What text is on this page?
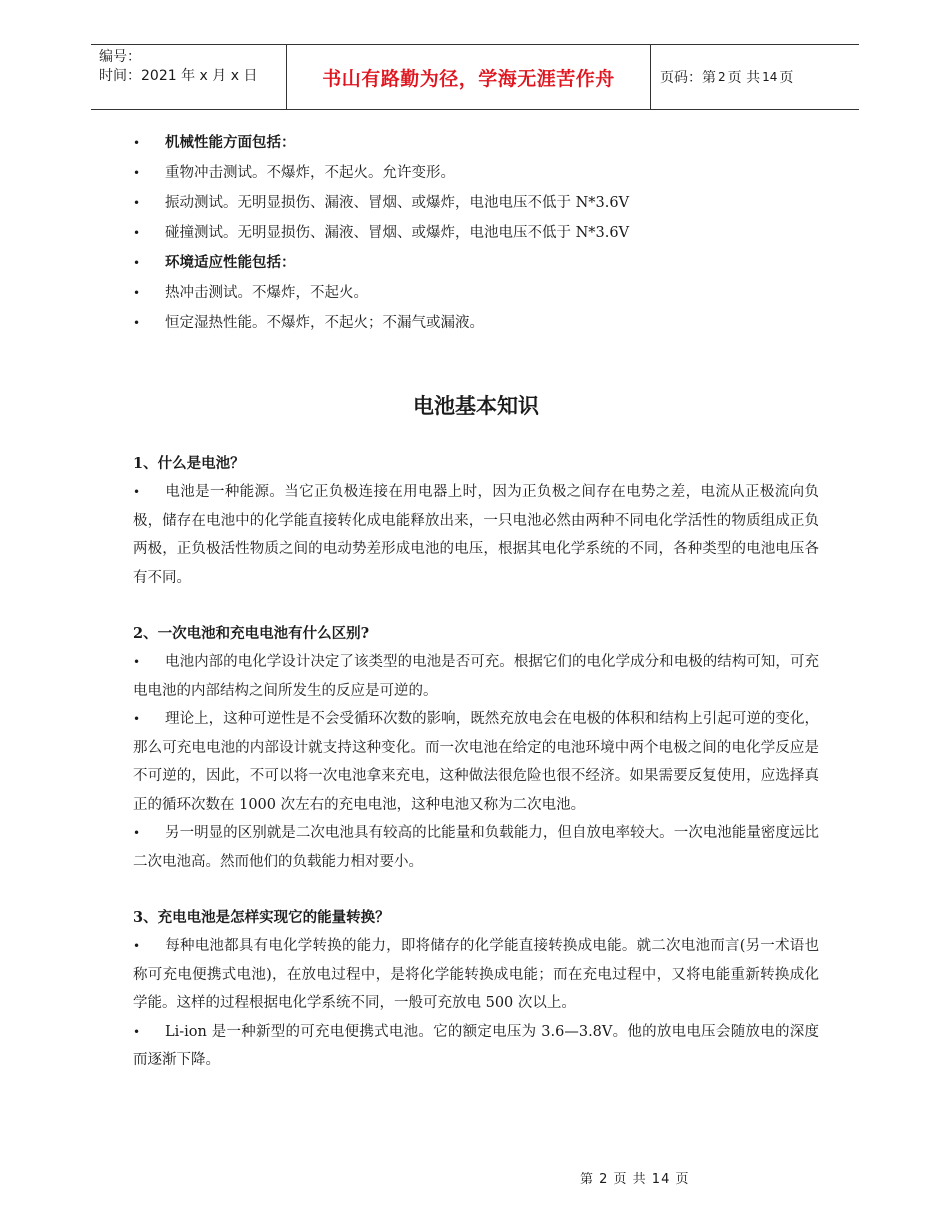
编号：
时间：2021 年 x 月 x 日	书山有路勤为径，学海无涯苦作舟	页码：第 2 页 共 14 页
• 机械性能方面包括：
• 重物冲击测试。不爆炸，不起火。允许变形。
• 振动测试。无明显损伤、漏液、冒烟、或爆炸，电池电压不低于 N*3.6V
• 碰撞测试。无明显损伤、漏液、冒烟、或爆炸，电池电压不低于 N*3.6V
• 环境适应性能包括：
• 热冲击测试。不爆炸，不起火。
• 恒定湿热性能。不爆炸，不起火；不漏气或漏液。
电池基本知识
1、什么是电池？

• 电池是一种能源。当它正负极连接在用电器上时，因为正负极之间存在电势之差，电流从正极流向负极，储存在电池中的化学能直接转化成电能释放出来，一只电池必然由两种不同电化学活性的物质组成正负两极，正负极活性物质之间的电动势差形成电池的电压，根据其电化学系统的不同，各种类型的电池电压各有不同。

2、一次电池和充电电池有什么区别?

• 电池内部的电化学设计决定了该类型的电池是否可充。根据它们的电化学成分和电极的结构可知，可充电电池的内部结构之间所发生的反应是可逆的。

• 理论上，这种可逆性是不会受循环次数的影响，既然充放电会在电极的体积和结构上引起可逆的变化，那么可充电电池的内部设计就支持这种变化。而一次电池在给定的电池环境中两个电极之间的电化学反应是不可逆的，因此，不可以将一次电池拿来充电，这种做法很危险也很不经济。如果需要反复使用，应选择真正的循环次数在 1000 次左右的充电电池，这种电池又称为二次电池。

• 另一明显的区别就是二次电池具有较高的比能量和负载能力，但自放电率较大。一次电池能量密度远比二次电池高。然而他们的负载能力相对要小。

3、充电电池是怎样实现它的能量转换？

• 每种电池都具有电化学转换的能力，即将储存的化学能直接转换成电能。就二次电池而言(另一术语也称可充电便携式电池)，在放电过程中，是将化学能转换成电能；而在充电过程中，又将电能重新转换成化学能。这样的过程根据电化学系统不同，一般可充放电 500 次以上。

• Li-ion 是一种新型的可充电便携式电池。它的额定电压为 3.6—3.8V。他的放电电压会随放电的深度而逐渐下降。

第 2 页 共 14 页
